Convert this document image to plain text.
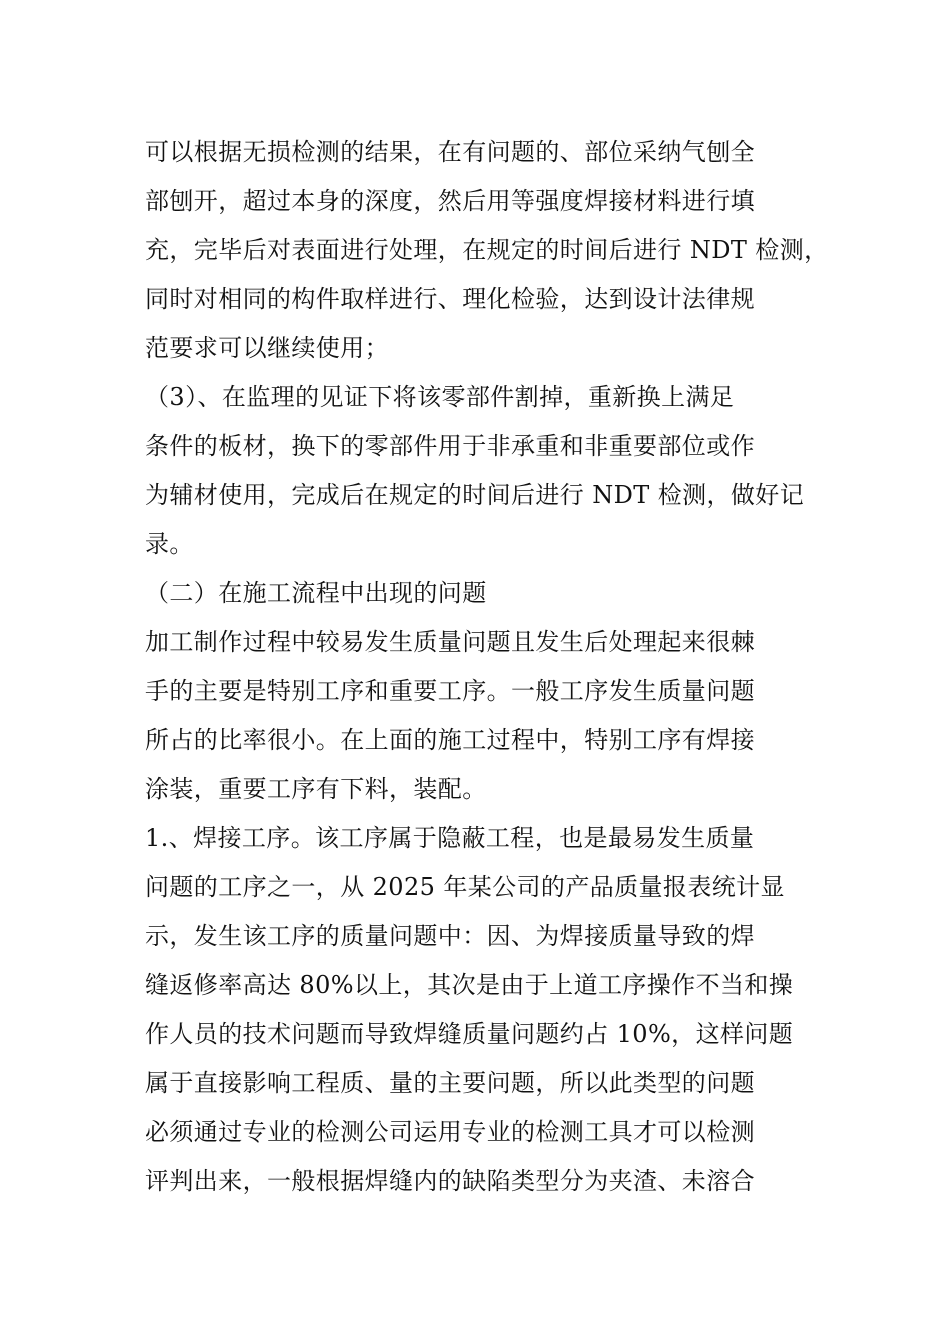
可以根据无损检测的结果，在有问题的、部位采纳气刨全
部刨开，超过本身的深度，然后用等强度焊接材料进行填
充，完毕后对表面进行处理，在规定的时间后进行 NDT 检测，
同时对相同的构件取样进行、理化检验，达到设计法律规
范要求可以继续使用；
（3）、在监理的见证下将该零部件割掉，重新换上满足
条件的板材，换下的零部件用于非承重和非重要部位或作
为辅材使用，完成后在规定的时间后进行 NDT 检测，做好记
录。
（二）在施工流程中出现的问题
加工制作过程中较易发生质量问题且发生后处理起来很棘
手的主要是特别工序和重要工序。一般工序发生质量问题
所占的比率很小。在上面的施工过程中，特别工序有焊接
涂装，重要工序有下料，装配。
1.、焊接工序。该工序属于隐蔽工程，也是最易发生质量
问题的工序之一，从 2025 年某公司的产品质量报表统计显
示，发生该工序的质量问题中：因、为焊接质量导致的焊
缝返修率高达 80%以上，其次是由于上道工序操作不当和操
作人员的技术问题而导致焊缝质量问题约占 10%，这样问题
属于直接影响工程质、量的主要问题，所以此类型的问题
必须通过专业的检测公司运用专业的检测工具才可以检测
评判出来，一般根据焊缝内的缺陷类型分为夹渣、未溶合
